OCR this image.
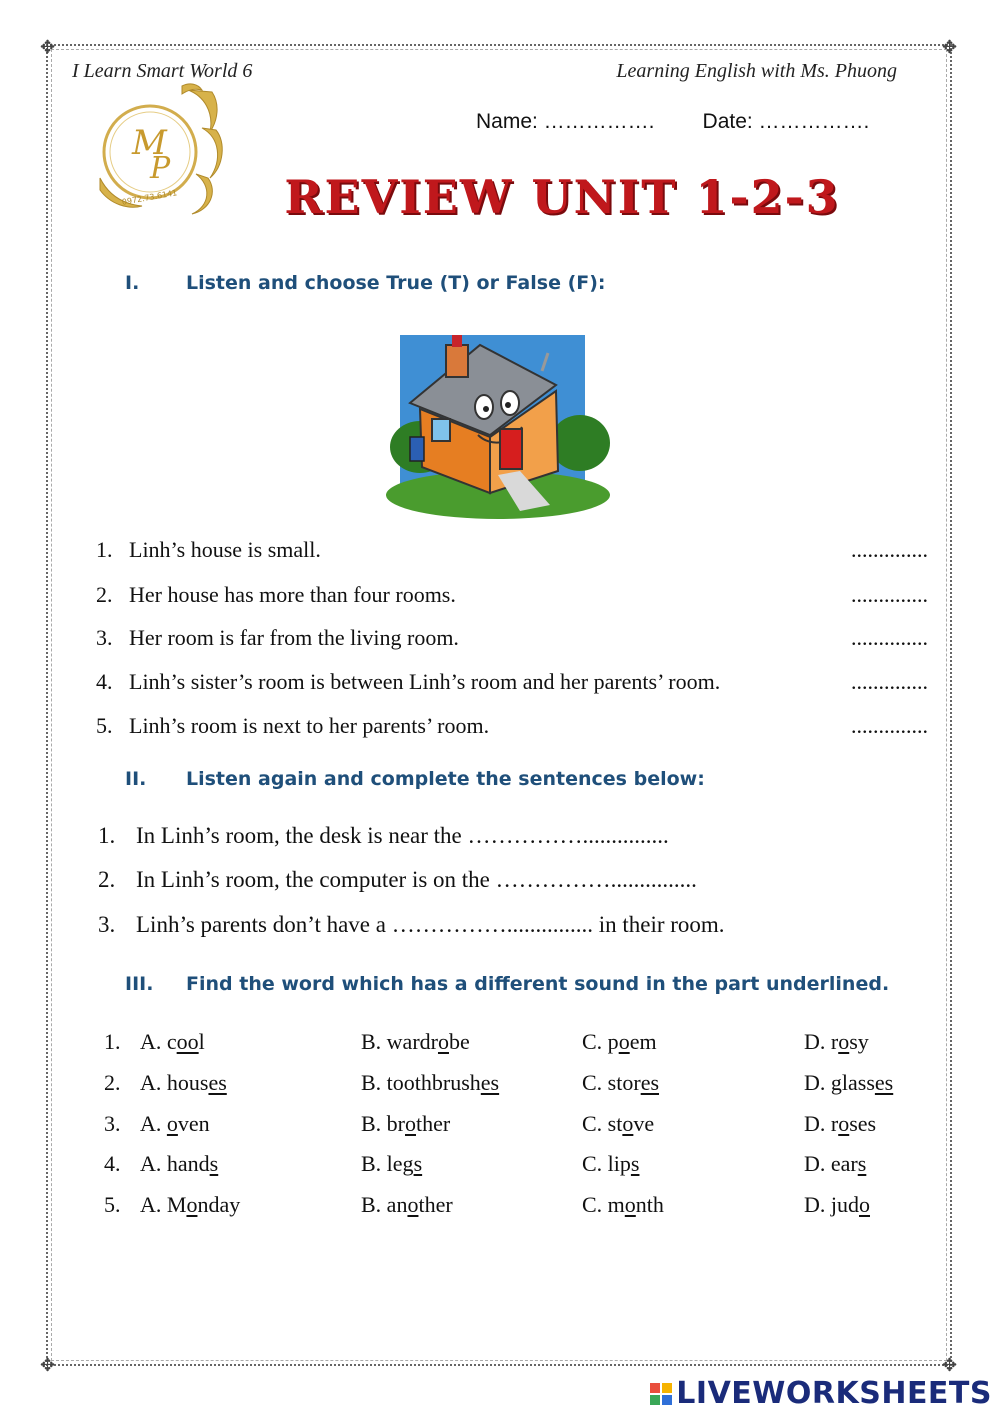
✥	✥
✥	✥
I Learn Smart World 6	Learning English with Ms. Phuong
M
P
0972.73.6141
Name: ……………. Date: …………….
REVIEW UNIT 1-2-3
I. Listen and choose True (T) or False (F):
1. Linh’s house is small.	..............
2. Her house has more than four rooms.	..............
3. Her room is far from the living room.	..............
4. Linh’s sister’s room is between Linh’s room and her parents’ room.	..............
5. Linh’s room is next to her parents’ room.	..............
II. Listen again and complete the sentences below:
1. In Linh’s room, the desk is near the ……………...............
2. In Linh’s room, the computer is on the ……………...............
3. Linh’s parents don’t have a ……………............... in their room.
III. Find the word which has a different sound in the part underlined.
1. A. cool	B. wardrobe	C. poem	D. rosy
2. A. houses	B. toothbrushes	C. stores	D. glasses
3. A. oven	B. brother	C. stove	D. roses
4. A. hands	B. legs	C. lips	D. ears
5. A. Monday	B. another	C. month	D. judo
LIVEWORKSHEETS
